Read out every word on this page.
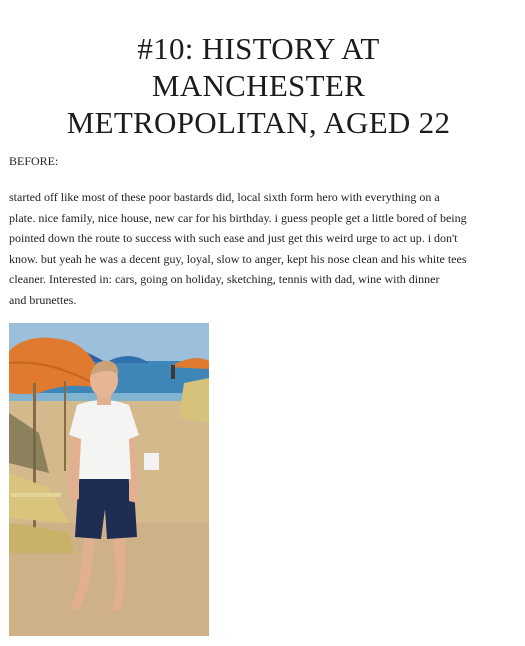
#10: HISTORY AT
MANCHESTER
METROPOLITAN, AGED 22
BEFORE:

started off like most of these poor bastards did, local sixth form hero with everything on a
plate. nice family, nice house, new car for his birthday. i guess people get a little bored of being
pointed down the route to success with such ease and just get this weird urge to act up. i don't
know. but yeah he was a decent guy, loyal, slow to anger, kept his nose clean and his white tees
cleaner. Interested in: cars, going on holiday, sketching, tennis with dad, wine with dinner
and brunettes.
